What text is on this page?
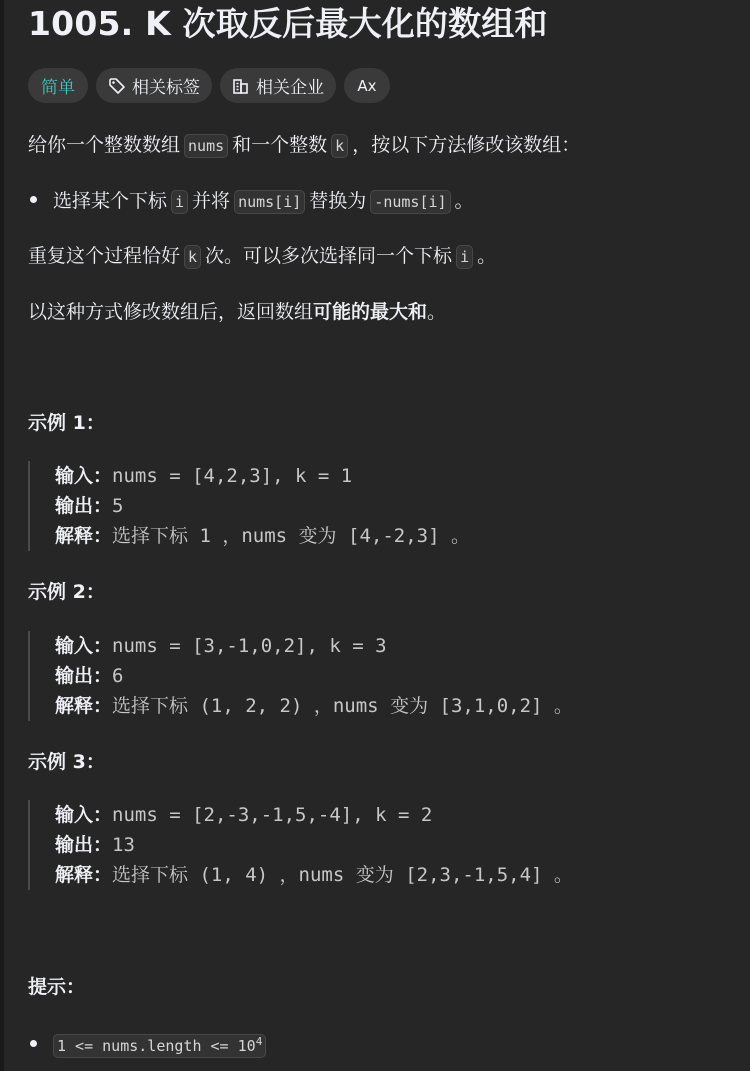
1005. K 次取反后最大化的数组和
简单	相关标签	相关企业 Ax
给你一个整数数组 nums 和一个整数 k ，按以下方法修改该数组：
选择某个下标 i 并将 nums[i] 替换为 -nums[i] 。
重复这个过程恰好 k 次。可以多次选择同一个下标 i 。
以这种方式修改数组后，返回数组可能的最大和。
示例 1：
输入：nums = [4,2,3], k = 1
输出：5
解释：选择下标 1 ，nums 变为 [4,-2,3] 。
示例 2：
输入：nums = [3,-1,0,2], k = 3
输出：6
解释：选择下标 (1, 2, 2) ，nums 变为 [3,1,0,2] 。
示例 3：
输入：nums = [2,-3,-1,5,-4], k = 2
输出：13
解释：选择下标 (1, 4) ，nums 变为 [2,3,-1,5,4] 。
提示：
1 <= nums.length <= $10^4$
